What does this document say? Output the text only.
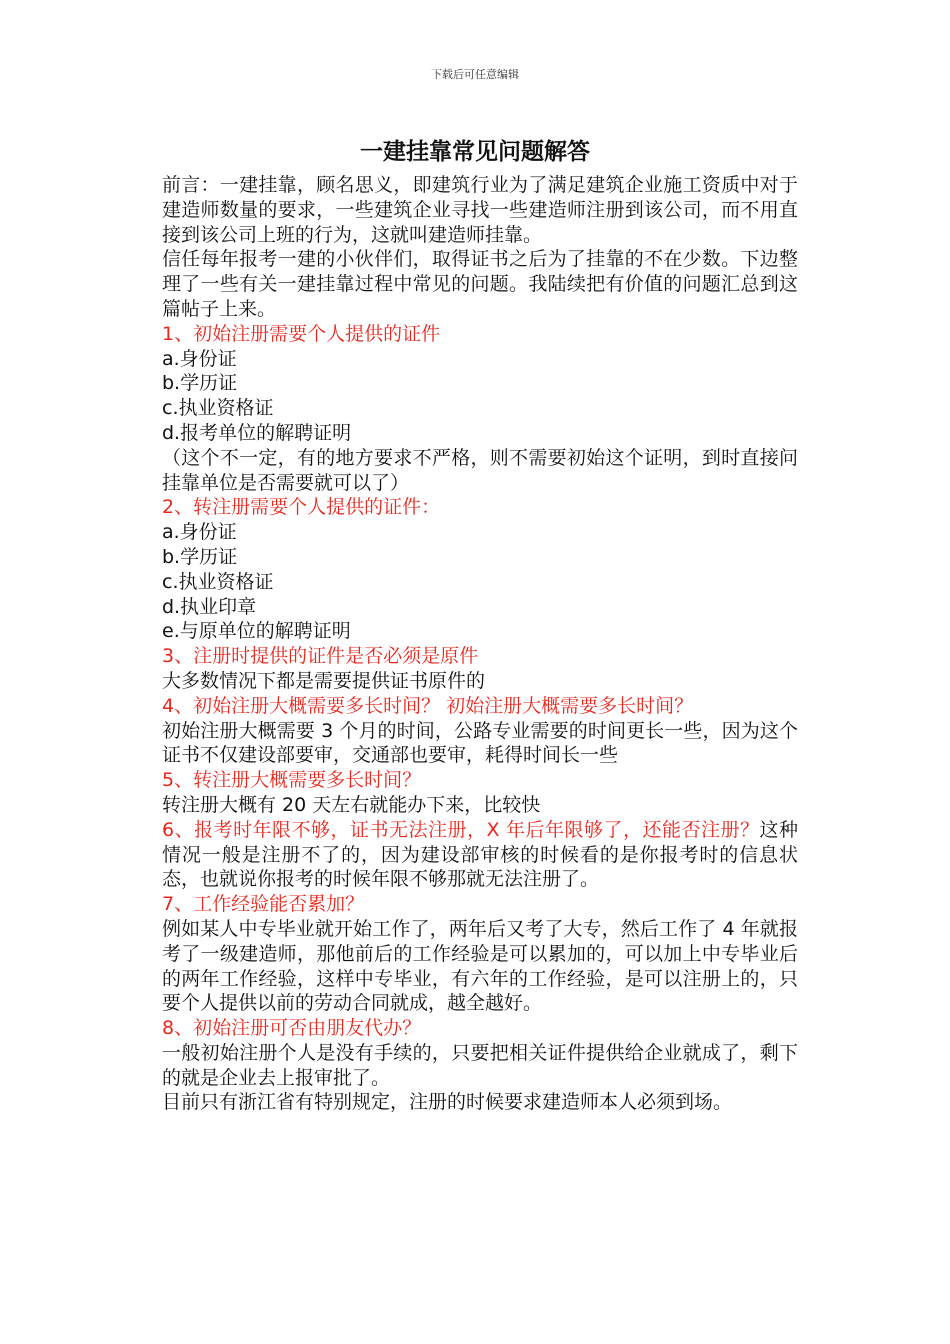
下载后可任意编辑
一建挂靠常见问题解答

前言：一建挂靠，顾名思义，即建筑行业为了满足建筑企业施工资质中对于建造师数量的要求，一些建筑企业寻找一些建造师注册到该公司，而不用直接到该公司上班的行为，这就叫建造师挂靠。

信任每年报考一建的小伙伴们，取得证书之后为了挂靠的不在少数。下边整理了一些有关一建挂靠过程中常见的问题。我陆续把有价值的问题汇总到这篇帖子上来。

1、初始注册需要个人提供的证件

a.身份证

b.学历证

c.执业资格证

d.报考单位的解聘证明

（这个不一定，有的地方要求不严格，则不需要初始这个证明，到时直接问挂靠单位是否需要就可以了）

2、转注册需要个人提供的证件：

a.身份证

b.学历证

c.执业资格证

d.执业印章

e.与原单位的解聘证明

3、注册时提供的证件是否必须是原件

大多数情况下都是需要提供证书原件的

4、初始注册大概需要多长时间？ 初始注册大概需要多长时间？

初始注册大概需要 3 个月的时间，公路专业需要的时间更长一些，因为这个证书不仅建设部要审，交通部也要审，耗得时间长一些

5、转注册大概需要多长时间？

转注册大概有 20 天左右就能办下来，比较快

6、报考时年限不够，证书无法注册，X 年后年限够了，还能否注册？这种情况一般是注册不了的，因为建设部审核的时候看的是你报考时的信息状态，也就说你报考的时候年限不够那就无法注册了。

7、工作经验能否累加？

例如某人中专毕业就开始工作了，两年后又考了大专，然后工作了 4 年就报考了一级建造师，那他前后的工作经验是可以累加的，可以加上中专毕业后的两年工作经验，这样中专毕业，有六年的工作经验，是可以注册上的，只要个人提供以前的劳动合同就成，越全越好。

8、初始注册可否由朋友代办？

一般初始注册个人是没有手续的，只要把相关证件提供给企业就成了，剩下的就是企业去上报审批了。

目前只有浙江省有特别规定，注册的时候要求建造师本人必须到场。
